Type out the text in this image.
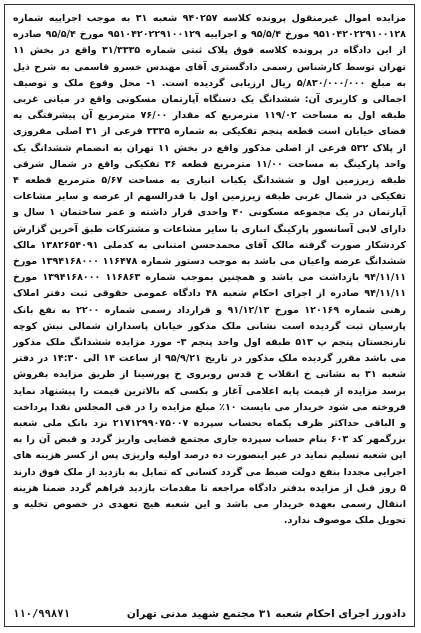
مزایده اموال غیرمنقول پرونده کلاسه ۹۴۰۲۵۷ شعبه ۳۱ به موجب اجراییه شماره ۹۵۱۰۴۲۰۲۲۹۱۰۰۱۲۸ مورخ ۹۵/۵/۴ و اجراییه ۹۵۱۰۴۲۰۲۲۹۱۰۰۱۲۹ مورخ ۹۵/۵/۴ صادره از این دادگاه در پرونده کلاسه فوق پلاک ثبتی شماره ۳۱/۳۳۳۵ واقع در بخش ۱۱ تهران توسط کارشناس رسمی دادگستری آقای مهندس خسرو قاسمی به شرح ذیل به مبلغ ۵/۸۳۰/۰۰۰/۰۰۰ ریال ارزیابی گردیده است. ۱- محل وقوع ملک و توصیف اجمالی و کاربری آن: ششدانگ یک دستگاه آپارتمان مسکونی واقع در میانی غربی طبقه اول به مساحت ۱۱۹/۰۲ مترمربع که مقدار ۷۶/۰۰ مترمربع آن پیشرفتگی به فضای خیابان است قطعه پنجم تفکیکی به شماره ۳۳۳۵ فرعی از ۳۱ اصلی مفروزی از پلاک ۵۳۲ فرعی از اصلی مذکور واقع در بخش ۱۱ تهران به انضمام ششدانگ یک واحد پارکینگ به مساحت ۱۱/۰۰ مترمربع قطعه ۳۶ تفکیکی واقع در شمال شرقی طبقه زیرزمین اول و ششدانگ یکباب انباری به مساحت ۵/۶۷ مترمربع قطعه ۴ تفکیکی در شمال غربی طبقه زیرزمین اول با قدرالسهم از عرصه و سایر مشاعات آپارتمان در یک مجموعه مسکونی ۴۰ واحدی قرار داشته و عمر ساختمان ۱ سال و دارای لابی آسانسور پارکینگ انباری با سایر مشاعات و مشترکات طبق آخرین گزارش کردشکار صورت گرفته مالک آقای محمدحسن امتنانی به کدملی ۱۳۸۲۶۵۴۰۹۱ مالک ششدانگ عرصه واعیان می باشد به موجب دستور شماره ۱۱۶۴۷۸ ۱۳۹۴۱۶۸۰۰۰ مورخ ۹۴/۱۱/۱۱ بازداشت می باشد و همچنین بموجب شماره ۱۱۶۸۶۳ ۱۳۹۴۱۶۸۰۰۰ مورخ ۹۴/۱۱/۱۱ صادره از اجرای احکام شعبه ۴۸ دادگاه عمومی حقوقی ثبت دفتر املاک رهنی شماره ۱۲۰۱۶۹ مورخ ۹۱/۱۲/۱۳ و قرارداد رسمی شماره ۲۲۰۰ به نفع بانک پارسیان ثبت گردیده است نشانی ملک مذکور خیابان پاسداران شمالی نبش کوچه نارنجستان پنجم پ ۵۱۳ طبقه اول واحد پنجم ۳- مورد مزایده ششدانگ ملک مذکور می باشد مقرر گردیده ملک مذکور در تاریخ ۹۵/۹/۲۱ از ساعت ۱۴ الی ۱۴:۳۰ در دفتر شعبه ۳۱ به نشانی خ انقلاب خ قدس روبروی خ پورسینا از طریق مزایده بفروش برسد مزایده از قیمت پایه اعلامی آغاز و بکسی که بالاترین قیمت را پیشنهاد نماید فروخته می شود خریدار می بایست ۱۰٪ مبلغ مزایده را در فی المجلس نقدا پرداخت و الباقی حداکثر ظرف یکماه بحساب سپرده ۲۱۷۱۲۹۹۰۷۵۰۰۷ نزد بانک ملی شعبه بزرگمهر کد ۶۰۳ بنام حساب سپرده جاری مجتمع قضایی واریز گردد و قبض آن را به این شعبه تسلیم نماید در غیر اینصورت ده درصد اولیه واریزی پس از کسر هزینه های اجرایی مجددا بنفع دولت ضبط می گردد کسانی که تمایل به بازدید از ملک فوق دارند ۵ روز قبل از مزایده بدفتر دادگاه مراجعه تا مقدمات بازدید فراهم گردد ضمنا هزینه انتقال رسمی بعهده خریدار می باشد و این شعبه هیچ تعهدی در خصوص تخلیه و تحویل ملک موصوف ندارد.
دادورز اجرای احکام شعبه ۳۱ مجتمع شهید مدنی تهران
۱۱۰/۹۹۸۷۱
